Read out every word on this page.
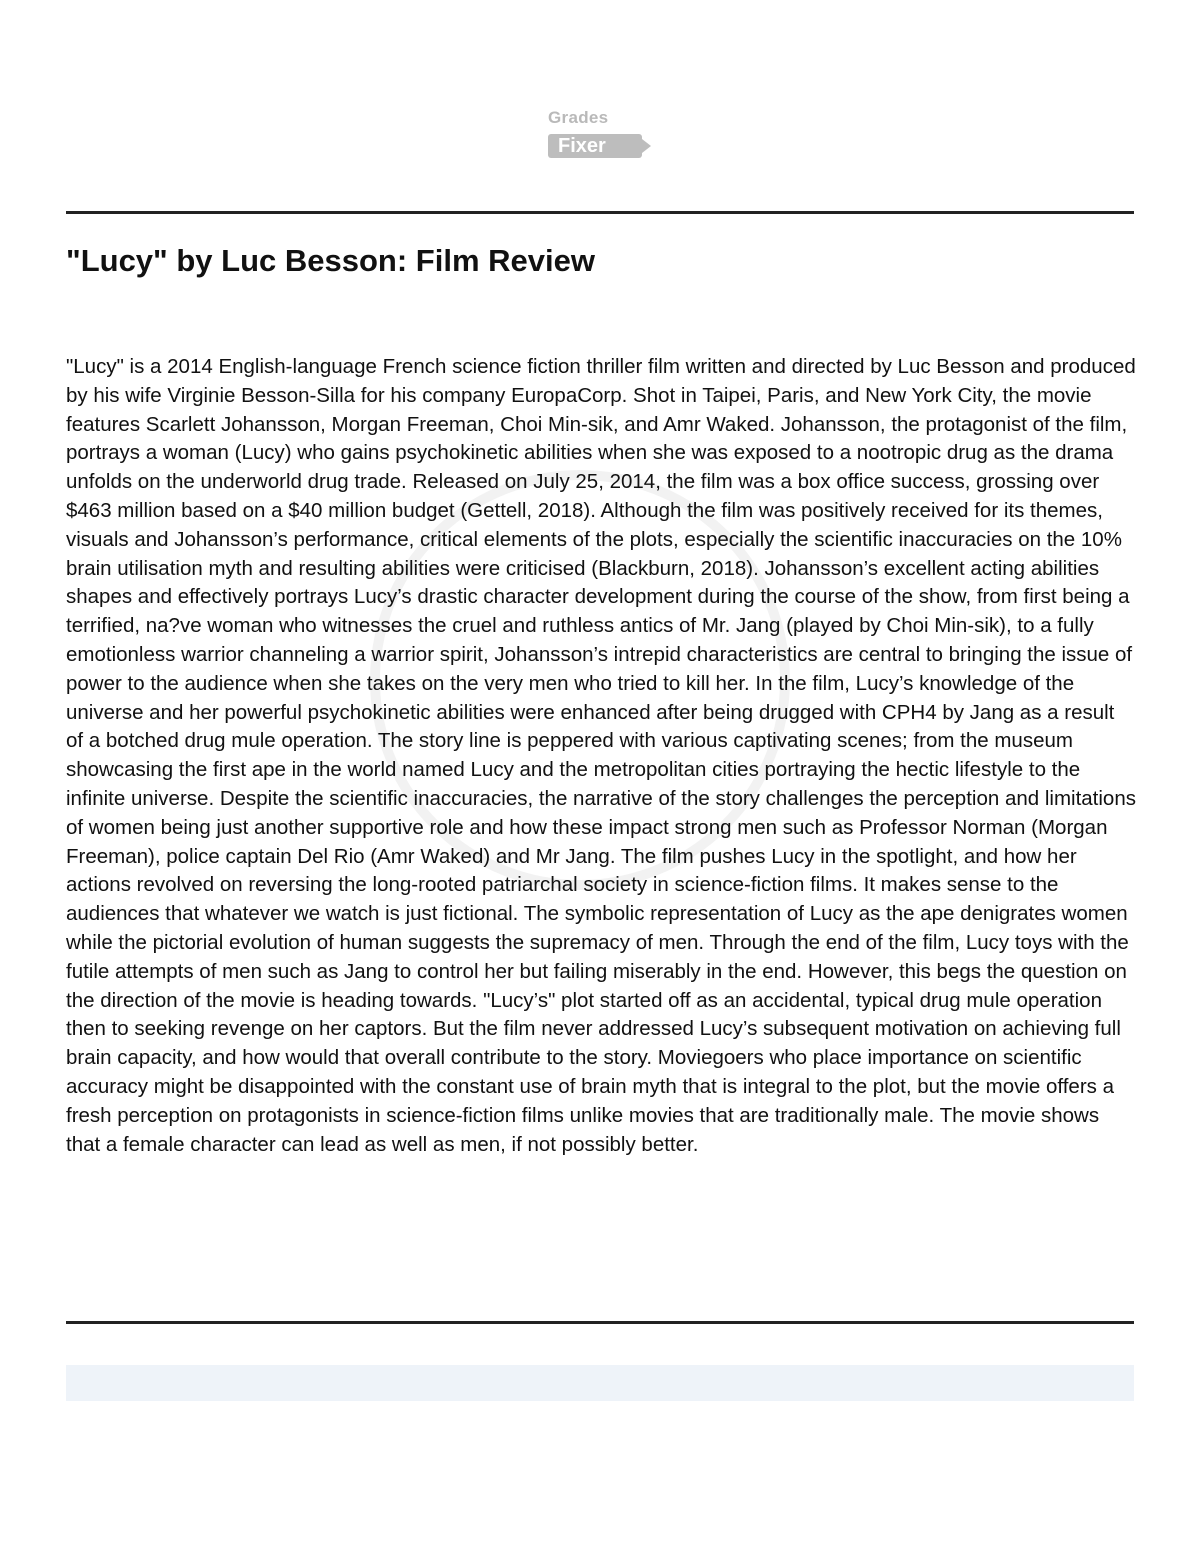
Grades
Fixer
"Lucy" by Luc Besson: Film Review

"Lucy" is a 2014 English-language French science fiction thriller film written and directed by Luc Besson and produced by his wife Virginie Besson-Silla for his company EuropaCorp. Shot in Taipei, Paris, and New York City, the movie features Scarlett Johansson, Morgan Freeman, Choi Min-sik, and Amr Waked. Johansson, the protagonist of the film, portrays a woman (Lucy) who gains psychokinetic abilities when she was exposed to a nootropic drug as the drama unfolds on the underworld drug trade. Released on July 25, 2014, the film was a box office success, grossing over $463 million based on a $40 million budget (Gettell, 2018). Although the film was positively received for its themes, visuals and Johansson’s performance, critical elements of the plots, especially the scientific inaccuracies on the 10% brain utilisation myth and resulting abilities were criticised (Blackburn, 2018). Johansson’s excellent acting abilities shapes and effectively portrays Lucy’s drastic character development during the course of the show, from first being a terrified, na?ve woman who witnesses the cruel and ruthless antics of Mr. Jang (played by Choi Min-sik), to a fully emotionless warrior channeling a warrior spirit, Johansson’s intrepid characteristics are central to bringing the issue of power to the audience when she takes on the very men who tried to kill her. In the film, Lucy’s knowledge of the universe and her powerful psychokinetic abilities were enhanced after being drugged with CPH4 by Jang as a result of a botched drug mule operation. The story line is peppered with various captivating scenes; from the museum showcasing the first ape in the world named Lucy and the metropolitan cities portraying the hectic lifestyle to the infinite universe. Despite the scientific inaccuracies, the narrative of the story challenges the perception and limitations of women being just another supportive role and how these impact strong men such as Professor Norman (Morgan Freeman), police captain Del Rio (Amr Waked) and Mr Jang. The film pushes Lucy in the spotlight, and how her actions revolved on reversing the long-rooted patriarchal society in science-fiction films. It makes sense to the audiences that whatever we watch is just fictional. The symbolic representation of Lucy as the ape denigrates women while the pictorial evolution of human suggests the supremacy of men. Through the end of the film, Lucy toys with the futile attempts of men such as Jang to control her but failing miserably in the end. However, this begs the question on the direction of the movie is heading towards. "Lucy’s" plot started off as an accidental, typical drug mule operation then to seeking revenge on her captors. But the film never addressed Lucy’s subsequent motivation on achieving full brain capacity, and how would that overall contribute to the story. Moviegoers who place importance on scientific accuracy might be disappointed with the constant use of brain myth that is integral to the plot, but the movie offers a fresh perception on protagonists in science-fiction films unlike movies that are traditionally male. The movie shows that a female character can lead as well as men, if not possibly better.
